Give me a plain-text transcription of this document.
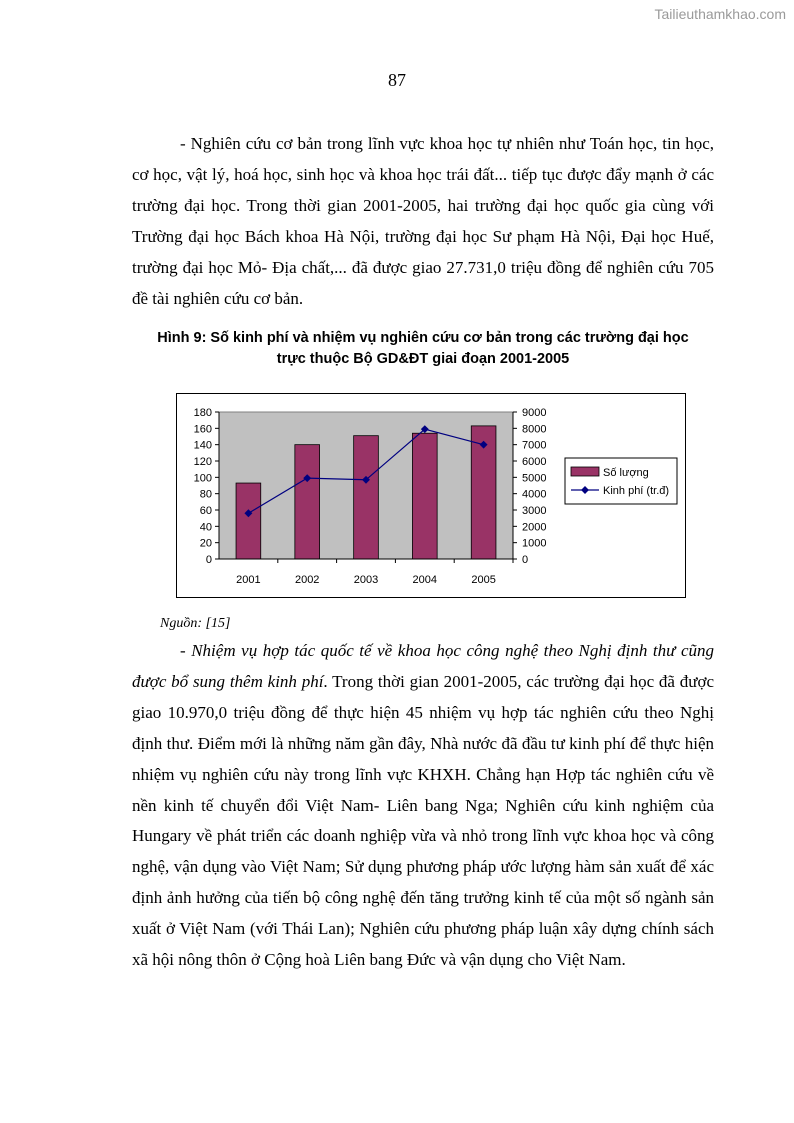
Tailieuthamkhao.com
87

- Nghiên cứu cơ bản trong lĩnh vực khoa học tự nhiên như Toán học, tin học, cơ học, vật lý, hoá học, sinh học và khoa học trái đất... tiếp tục được đẩy mạnh ở các trường đại học. Trong thời gian 2001-2005, hai trường đại học quốc gia cùng với Trường đại học Bách khoa Hà Nội, trường đại học Sư phạm Hà Nội, Đại học Huế, trường đại học Mỏ- Địa chất,... đã được giao 27.731,0 triệu đồng để nghiên cứu 705 đề tài nghiên cứu cơ bản.

Hình 9: Số kinh phí và nhiệm vụ nghiên cứu cơ bản trong các trường đại học
trực thuộc Bộ GD&ĐT giai đoạn 2001-2005
0
20
40
60
80
100
120
140
160
180
0
1000
2000
3000
4000
5000
6000
7000
8000
9000
2001	2002	2003	2004	2005
Số lượng
Kinh phí (tr.đ)
Nguồn: [15]

- Nhiệm vụ hợp tác quốc tế về khoa học công nghệ theo Nghị định thư cũng được bổ sung thêm kinh phí. Trong thời gian 2001-2005, các trường đại học đã được giao 10.970,0 triệu đồng để thực hiện 45 nhiệm vụ hợp tác nghiên cứu theo Nghị định thư. Điểm mới là những năm gần đây, Nhà nước đã đầu tư kinh phí để thực hiện nhiệm vụ nghiên cứu này trong lĩnh vực KHXH. Chẳng hạn Hợp tác nghiên cứu về nền kinh tế chuyển đổi Việt Nam- Liên bang Nga; Nghiên cứu kinh nghiệm của Hungary về phát triển các doanh nghiệp vừa và nhỏ trong lĩnh vực khoa học và công nghệ, vận dụng vào Việt Nam; Sử dụng phương pháp ước lượng hàm sản xuất để xác định ảnh hưởng của tiến bộ công nghệ đến tăng trưởng kinh tế của một số ngành sản xuất ở Việt Nam (với Thái Lan); Nghiên cứu phương pháp luận xây dựng chính sách xã hội nông thôn ở Cộng hoà Liên bang Đức và vận dụng cho Việt Nam.
